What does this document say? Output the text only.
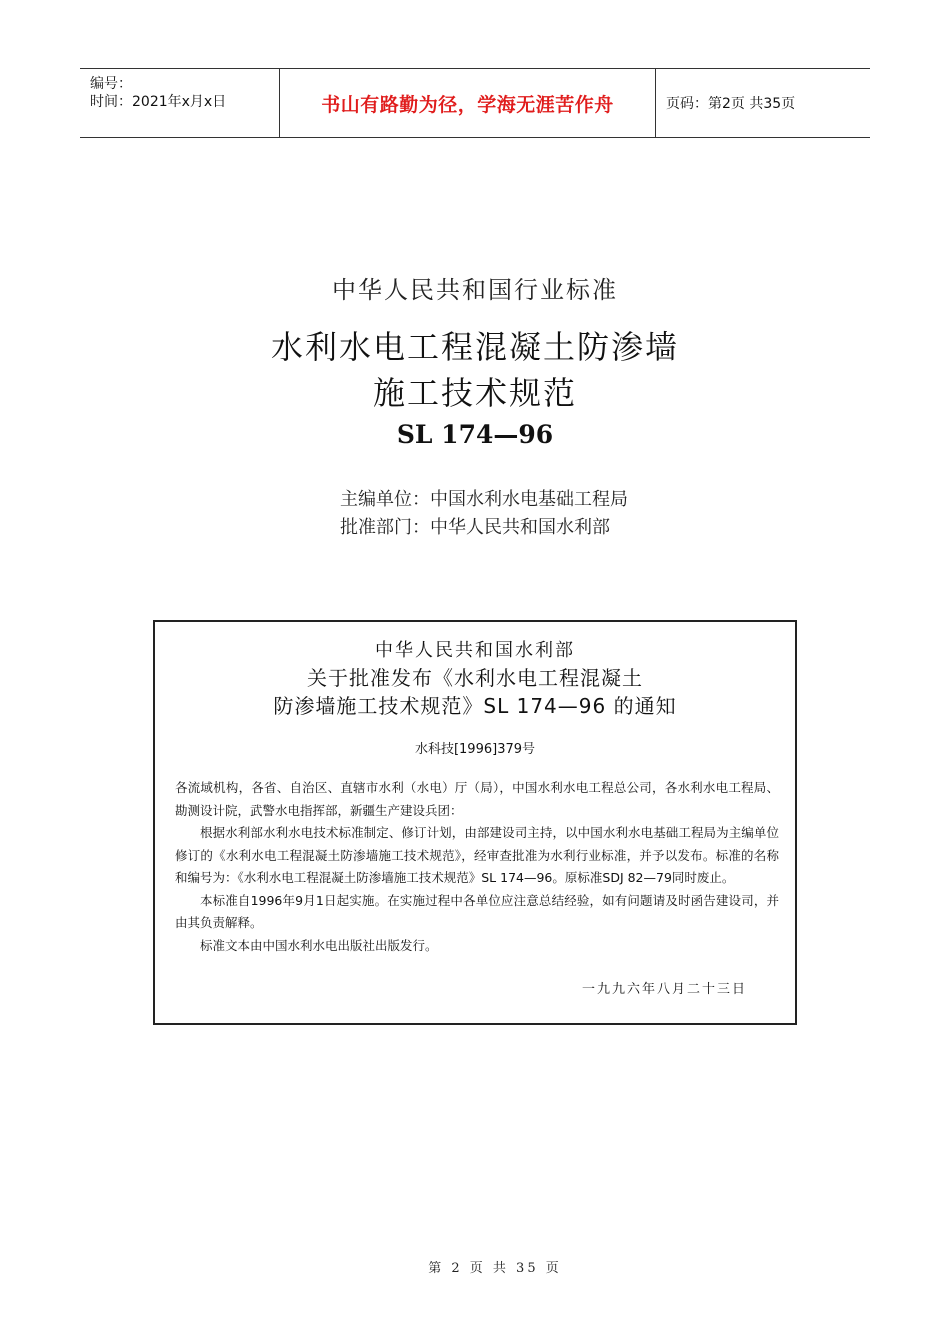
编号：
时间：2021年x月x日	书山有路勤为径，学海无涯苦作舟	页码：第2页 共35页
中华人民共和国行业标准
水利水电工程混凝土防渗墙
施工技术规范
SL 174—96
主编单位：中国水利水电基础工程局
批准部门：中华人民共和国水利部
中华人民共和国水利部
关于批准发布《水利水电工程混凝土
防渗墙施工技术规范》SL 174—96 的通知
水科技[1996]379号

各流域机构，各省、自治区、直辖市水利（水电）厅（局），中国水利水电工程总公司，各水利水电工程局、勘测设计院，武警水电指挥部，新疆生产建设兵团：

根据水利部水利水电技术标准制定、修订计划，由部建设司主持，以中国水利水电基础工程局为主编单位修订的《水利水电工程混凝土防渗墙施工技术规范》，经审查批准为水利行业标准，并予以发布。标准的名称和编号为：《水利水电工程混凝土防渗墙施工技术规范》SL 174—96。原标准SDJ 82—79同时废止。

本标准自1996年9月1日起实施。在实施过程中各单位应注意总结经验，如有问题请及时函告建设司，并由其负责解释。

标准文本由中国水利水电出版社出版发行。

一九九六年八月二十三日
第 2 页 共 35 页
